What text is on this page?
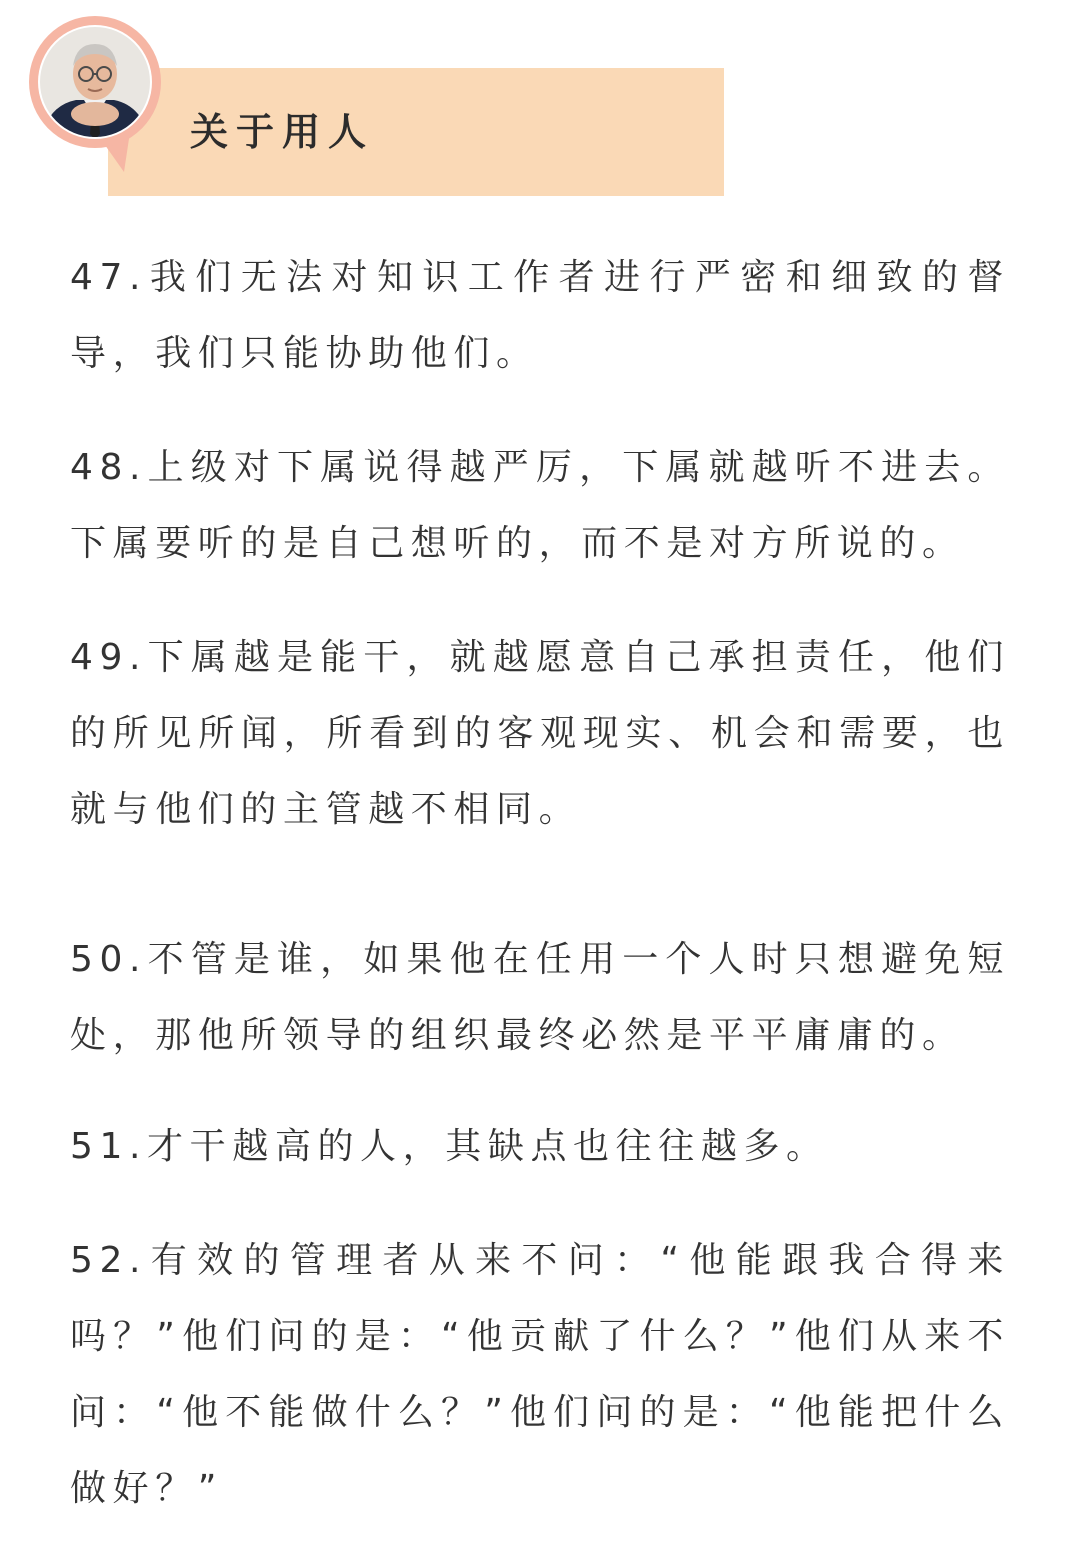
关于用人
47.我们无法对知识工作者进行严密和细致的督导，我们只能协助他们。
48.上级对下属说得越严厉，下属就越听不进去。下属要听的是自己想听的，而不是对方所说的。
49.下属越是能干，就越愿意自己承担责任，他们的所见所闻，所看到的客观现实、机会和需要，也就与他们的主管越不相同。
50.不管是谁，如果他在任用一个人时只想避免短处，那他所领导的组织最终必然是平平庸庸的。
51.才干越高的人，其缺点也往往越多。
52.有效的管理者从来不问：“他能跟我合得来吗？”他们问的是：“他贡献了什么？”他们从来不问：“他不能做什么？”他们问的是：“他能把什么做好？”
